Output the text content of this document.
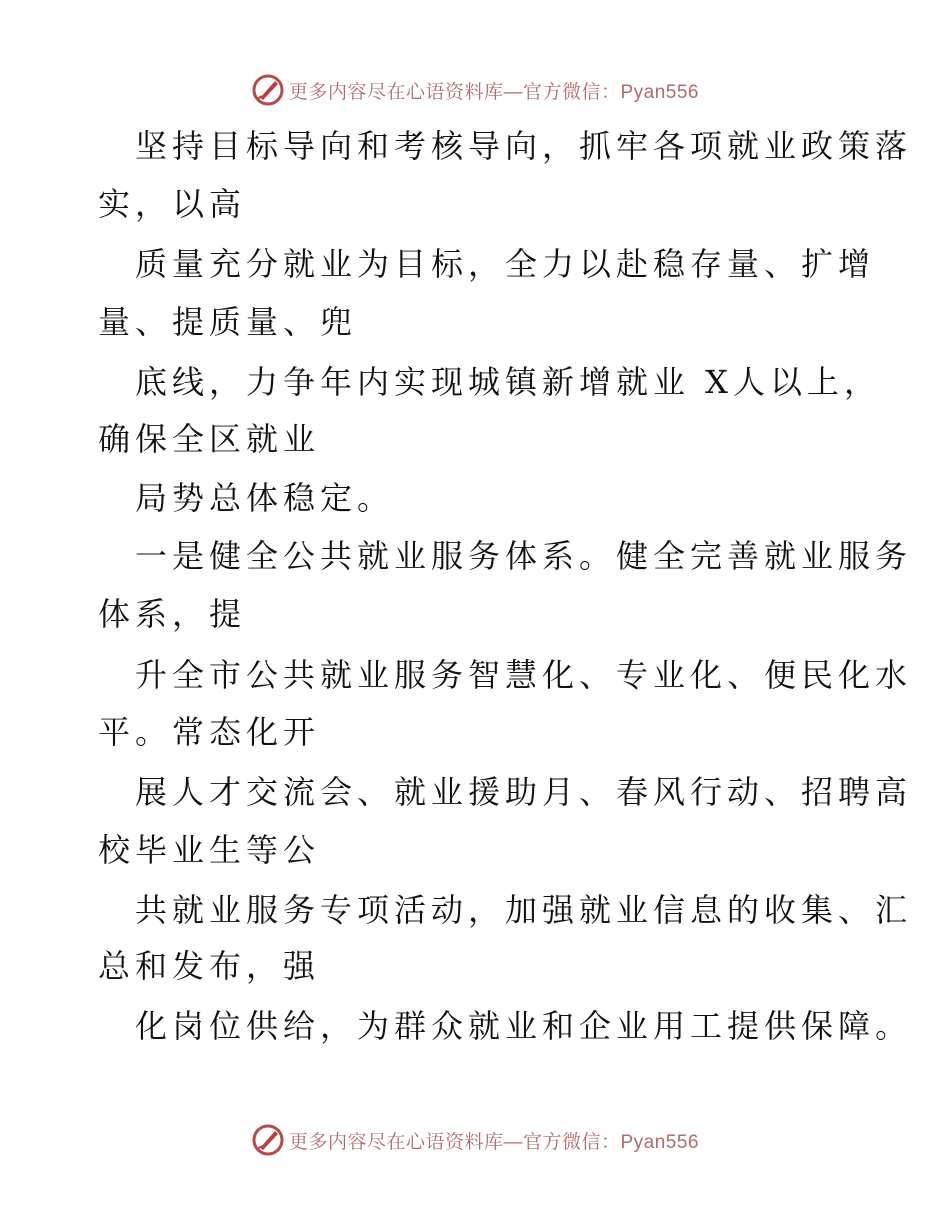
更多内容尽在心语资料库—官方微信：Pyan556
坚持目标导向和考核导向，抓牢各项就业政策落
实，以高
质量充分就业为目标，全力以赴稳存量、扩增
量、提质量、兜
底线，力争年内实现城镇新增就业 X人以上，
确保全区就业
局势总体稳定。
一是健全公共就业服务体系。健全完善就业服务
体系，提
升全市公共就业服务智慧化、专业化、便民化水
平。常态化开
展人才交流会、就业援助月、春风行动、招聘高
校毕业生等公
共就业服务专项活动，加强就业信息的收集、汇
总和发布，强
化岗位供给，为群众就业和企业用工提供保障。
更多内容尽在心语资料库—官方微信：Pyan556
